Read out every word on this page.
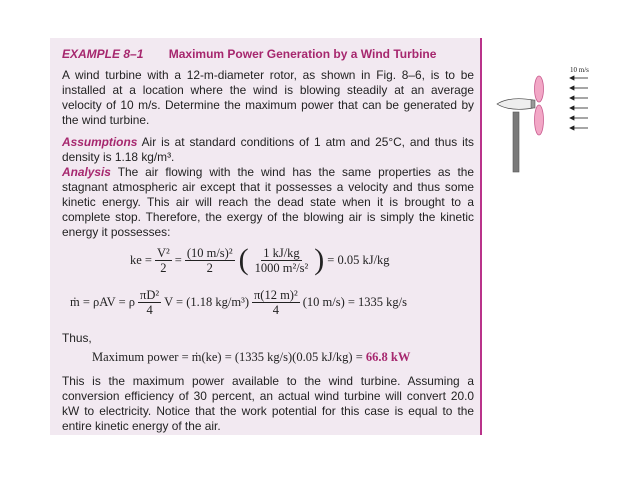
EXAMPLE 8–1 Maximum Power Generation by a Wind Turbine
A wind turbine with a 12-m-diameter rotor, as shown in Fig. 8–6, is to be installed at a location where the wind is blowing steadily at an average velocity of 10 m/s. Determine the maximum power that can be generated by the wind turbine.
Assumptions Air is at standard conditions of 1 atm and 25°C, and thus its density is 1.18 kg/m³.
Analysis The air flowing with the wind has the same properties as the stagnant atmospheric air except that it possesses a velocity and thus some kinetic energy. This air will reach the dead state when it is brought to a complete stop. Therefore, the exergy of the blowing air is simply the kinetic energy it possesses:
ke = $\frac{\text{V²}}{2} = \frac{\text{(10 m/s)²}}{2}$ ( $\frac{1 kJ/kg}{\text{1000 m²/s²}}$ ) = 0.05 kJ/kg
ṁ = ρAV = ρ $\frac{\text{πD²}}{4}$ V = (1.18 $kg/m^3) \frac{\text{π(12 m)²}}{4} (10$ m/s) = 1335 kg/s
Thus,
Maximum power = ṁ(ke) = (1335 kg/s)(0.05 kJ/kg) = 66.8 kW
This is the maximum power available to the wind turbine. Assuming a conversion efficiency of 30 percent, an actual wind turbine will convert 20.0 kW to electricity. Notice that the work potential for this case is equal to the entire kinetic energy of the air.
10 m/s
